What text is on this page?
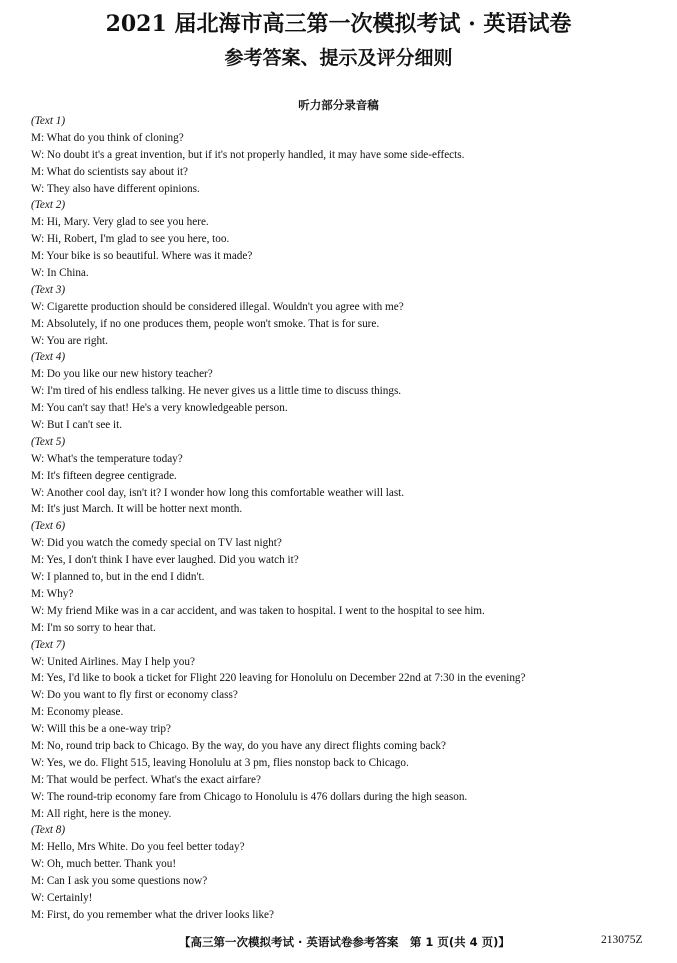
2021 届北海市高三第一次模拟考试 · 英语试卷
参考答案、提示及评分细则
听力部分录音稿
(Text 1)
M: What do you think of cloning?
W: No doubt it's a great invention, but if it's not properly handled, it may have some side-effects.
M: What do scientists say about it?
W: They also have different opinions.
(Text 2)
M: Hi, Mary. Very glad to see you here.
W: Hi, Robert, I'm glad to see you here, too.
M: Your bike is so beautiful. Where was it made?
W: In China.
(Text 3)
W: Cigarette production should be considered illegal. Wouldn't you agree with me?
M: Absolutely, if no one produces them, people won't smoke. That is for sure.
W: You are right.
(Text 4)
M: Do you like our new history teacher?
W: I'm tired of his endless talking. He never gives us a little time to discuss things.
M: You can't say that! He's a very knowledgeable person.
W: But I can't see it.
(Text 5)
W: What's the temperature today?
M: It's fifteen degree centigrade.
W: Another cool day, isn't it? I wonder how long this comfortable weather will last.
M: It's just March. It will be hotter next month.
(Text 6)
W: Did you watch the comedy special on TV last night?
M: Yes, I don't think I have ever laughed. Did you watch it?
W: I planned to, but in the end I didn't.
M: Why?
W: My friend Mike was in a car accident, and was taken to hospital. I went to the hospital to see him.
M: I'm so sorry to hear that.
(Text 7)
W: United Airlines. May I help you?
M: Yes, I'd like to book a ticket for Flight 220 leaving for Honolulu on December 22nd at 7:30 in the evening?
W: Do you want to fly first or economy class?
M: Economy please.
W: Will this be a one-way trip?
M: No, round trip back to Chicago. By the way, do you have any direct flights coming back?
W: Yes, we do. Flight 515, leaving Honolulu at 3 pm, flies nonstop back to Chicago.
M: That would be perfect. What's the exact airfare?
W: The round-trip economy fare from Chicago to Honolulu is 476 dollars during the high season.
M: All right, here is the money.
(Text 8)
M: Hello, Mrs White. Do you feel better today?
W: Oh, much better. Thank you!
M: Can I ask you some questions now?
W: Certainly!
M: First, do you remember what the driver looks like?
【高三第一次模拟考试 · 英语试卷参考答案　第 1 页(共 4 页)】	213075Z
